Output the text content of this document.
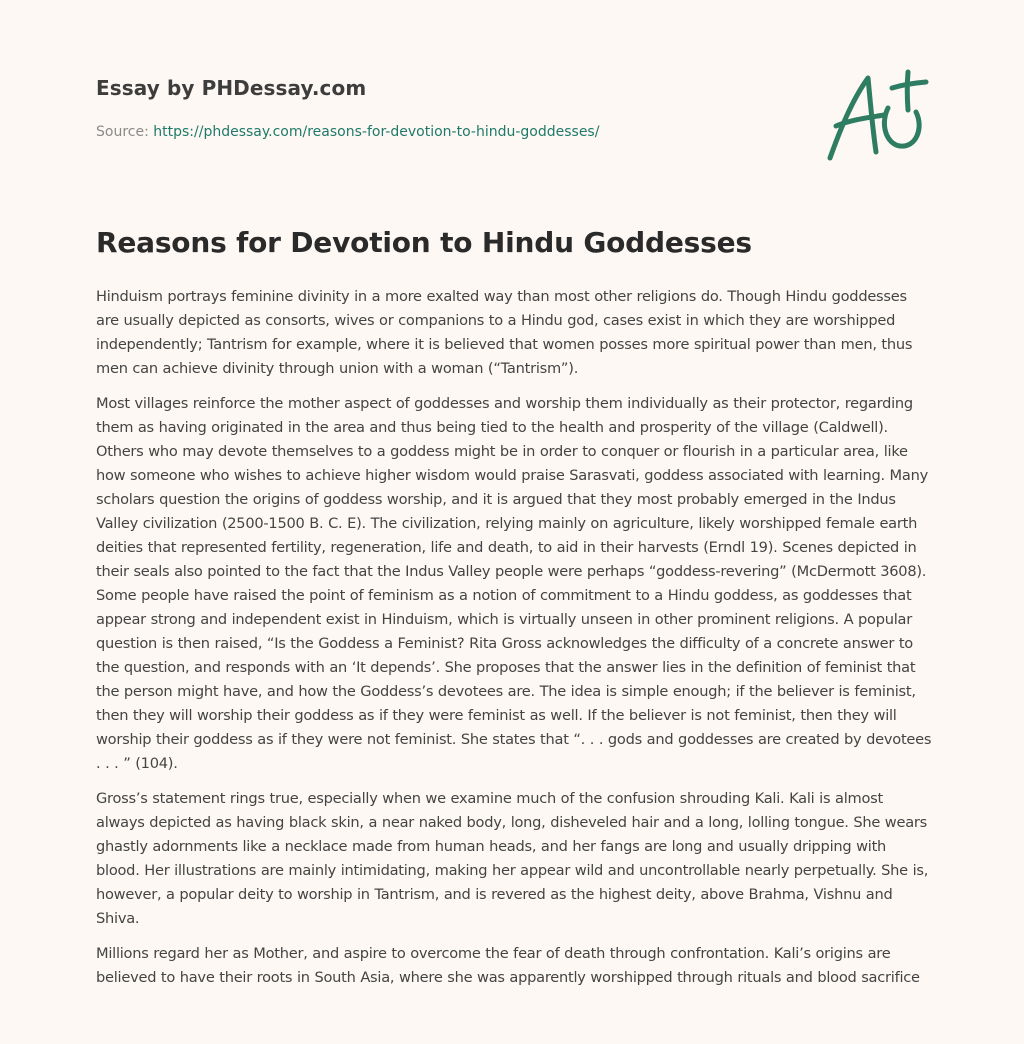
Essay by PHDessay.com
Source: https://phdessay.com/reasons-for-devotion-to-hindu-goddesses/
Reasons for Devotion to Hindu Goddesses

Hinduism portrays feminine divinity in a more exalted way than most other religions do. Though Hindu goddesses are usually depicted as consorts, wives or companions to a Hindu god, cases exist in which they are worshipped independently; Tantrism for example, where it is believed that women posses more spiritual power than men, thus men can achieve divinity through union with a woman (“Tantrism”).

Most villages reinforce the mother aspect of goddesses and worship them individually as their protector, regarding them as having originated in the area and thus being tied to the health and prosperity of the village (Caldwell). Others who may devote themselves to a goddess might be in order to conquer or flourish in a particular area, like how someone who wishes to achieve higher wisdom would praise Sarasvati, goddess associated with learning. Many scholars question the origins of goddess worship, and it is argued that they most probably emerged in the Indus Valley civilization (2500-1500 B. C. E). The civilization, relying mainly on agriculture, likely worshipped female earth deities that represented fertility, regeneration, life and death, to aid in their harvests (Erndl 19). Scenes depicted in their seals also pointed to the fact that the Indus Valley people were perhaps “goddess-revering” (McDermott 3608). Some people have raised the point of feminism as a notion of commitment to a Hindu goddess, as goddesses that appear strong and independent exist in Hinduism, which is virtually unseen in other prominent religions. A popular question is then raised, “Is the Goddess a Feminist? Rita Gross acknowledges the difficulty of a concrete answer to the question, and responds with an ‘It depends’. She proposes that the answer lies in the definition of feminist that the person might have, and how the Goddess’s devotees are. The idea is simple enough; if the believer is feminist, then they will worship their goddess as if they were feminist as well. If the believer is not feminist, then they will worship their goddess as if they were not feminist. She states that “. . . gods and goddesses are created by devotees . . . ” (104).

Gross’s statement rings true, especially when we examine much of the confusion shrouding Kali. Kali is almost always depicted as having black skin, a near naked body, long, disheveled hair and a long, lolling tongue. She wears ghastly adornments like a necklace made from human heads, and her fangs are long and usually dripping with blood. Her illustrations are mainly intimidating, making her appear wild and uncontrollable nearly perpetually. She is, however, a popular deity to worship in Tantrism, and is revered as the highest deity, above Brahma, Vishnu and Shiva.

Millions regard her as Mother, and aspire to overcome the fear of death through confrontation. Kali’s origins are believed to have their roots in South Asia, where she was apparently worshipped through rituals and blood sacrifice
